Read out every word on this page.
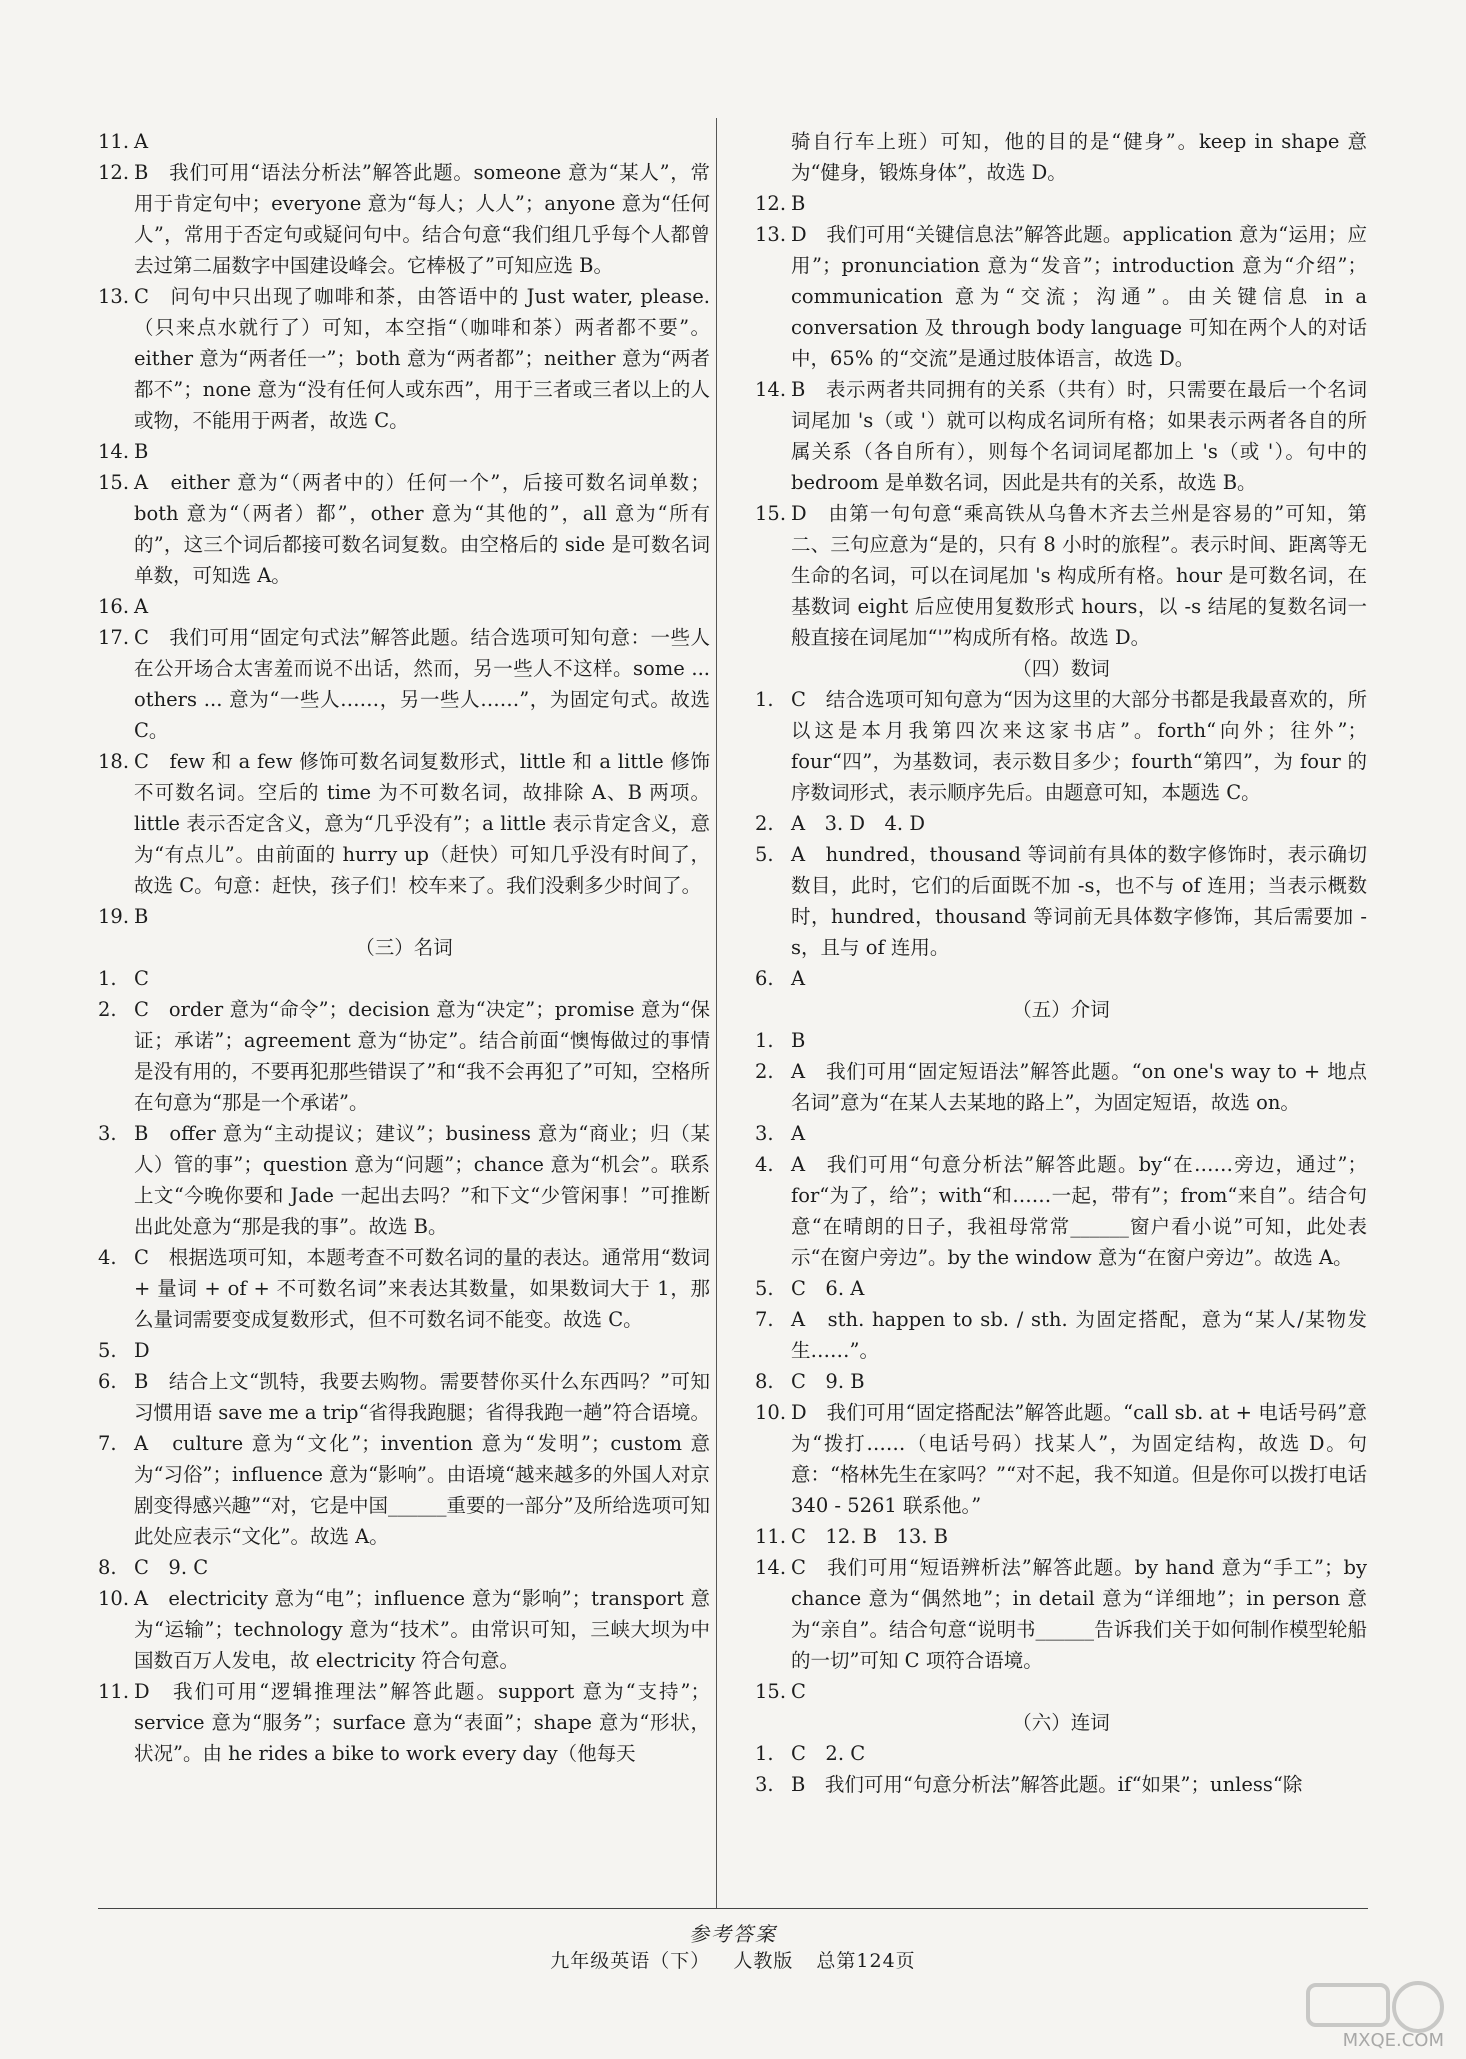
11. A

12. B　我们可用“语法分析法”解答此题。someone 意为“某人”，常用于肯定句中；everyone 意为“每人；人人”；anyone 意为“任何人”，常用于否定句或疑问句中。结合句意“我们组几乎每个人都曾去过第二届数字中国建设峰会。它棒极了”可知应选 B。

13. C　问句中只出现了咖啡和茶，由答语中的 Just water, please.（只来点水就行了）可知，本空指“（咖啡和茶）两者都不要”。either 意为“两者任一”；both 意为“两者都”；neither 意为“两者都不”；none 意为“没有任何人或东西”，用于三者或三者以上的人或物，不能用于两者，故选 C。

14. B

15. A　either 意为“（两者中的）任何一个”，后接可数名词单数；both 意为“（两者）都”，other 意为“其他的”，all 意为“所有的”，这三个词后都接可数名词复数。由空格后的 side 是可数名词单数，可知选 A。

16. A

17. C　我们可用“固定句式法”解答此题。结合选项可知句意：一些人在公开场合太害羞而说不出话，然而，另一些人不这样。some ... others ... 意为“一些人……，另一些人……”，为固定句式。故选 C。

18. C　few 和 a few 修饰可数名词复数形式，little 和 a little 修饰不可数名词。空后的 time 为不可数名词，故排除 A、B 两项。little 表示否定含义，意为“几乎没有”；a little 表示肯定含义，意为“有点儿”。由前面的 hurry up（赶快）可知几乎没有时间了，故选 C。句意：赶快，孩子们！校车来了。我们没剩多少时间了。

19. B

（三）名词

1. C

2. C　order 意为“命令”；decision 意为“决定”；promise 意为“保证；承诺”；agreement 意为“协定”。结合前面“懊悔做过的事情是没有用的，不要再犯那些错误了”和“我不会再犯了”可知，空格所在句意为“那是一个承诺”。

3. B　offer 意为“主动提议；建议”；business 意为“商业；归（某人）管的事”；question 意为“问题”；chance 意为“机会”。联系上文“今晚你要和 Jade 一起出去吗？”和下文“少管闲事！”可推断出此处意为“那是我的事”。故选 B。

4. C　根据选项可知，本题考查不可数名词的量的表达。通常用“数词 + 量词 + of + 不可数名词”来表达其数量，如果数词大于 1，那么量词需要变成复数形式，但不可数名词不能变。故选 C。

5. D

6. B　结合上文“凯特，我要去购物。需要替你买什么东西吗？”可知习惯用语 save me a trip“省得我跑腿；省得我跑一趟”符合语境。

7. A　culture 意为“文化”；invention 意为“发明”；custom 意为“习俗”；influence 意为“影响”。由语境“越来越多的外国人对京剧变得感兴趣”“对，它是中国______重要的一部分”及所给选项可知此处应表示“文化”。故选 A。

8. C　9. C

10. A　electricity 意为“电”；influence 意为“影响”；transport 意为“运输”；technology 意为“技术”。由常识可知，三峡大坝为中国数百万人发电，故 electricity 符合句意。

11. D　我们可用“逻辑推理法”解答此题。support 意为“支持”；service 意为“服务”；surface 意为“表面”；shape 意为“形状，状况”。由 he rides a bike to work every day（他每天

骑自行车上班）可知，他的目的是“健身”。keep in shape 意为“健身，锻炼身体”，故选 D。

12. B

13. D　我们可用“关键信息法”解答此题。application 意为“运用；应用”；pronunciation 意为“发音”；introduction 意为“介绍”；communication 意为“交流；沟通”。由关键信息 in a conversation 及 through body language 可知在两个人的对话中，65% 的“交流”是通过肢体语言，故选 D。

14. B　表示两者共同拥有的关系（共有）时，只需要在最后一个名词词尾加 's（或 '）就可以构成名词所有格；如果表示两者各自的所属关系（各自所有），则每个名词词尾都加上 's（或 '）。句中的 bedroom 是单数名词，因此是共有的关系，故选 B。

15. D　由第一句句意“乘高铁从乌鲁木齐去兰州是容易的”可知，第二、三句应意为“是的，只有 8 小时的旅程”。表示时间、距离等无生命的名词，可以在词尾加 's 构成所有格。hour 是可数名词，在基数词 eight 后应使用复数形式 hours，以 -s 结尾的复数名词一般直接在词尾加“'”构成所有格。故选 D。

（四）数词

1. C　结合选项可知句意为“因为这里的大部分书都是我最喜欢的，所以这是本月我第四次来这家书店”。forth“向外；往外”；four“四”，为基数词，表示数目多少；fourth“第四”，为 four 的序数词形式，表示顺序先后。由题意可知，本题选 C。

2. A　3. D　4. D

5. A　hundred，thousand 等词前有具体的数字修饰时，表示确切数目，此时，它们的后面既不加 -s，也不与 of 连用；当表示概数时，hundred，thousand 等词前无具体数字修饰，其后需要加 -s，且与 of 连用。

6. A

（五）介词

1. B

2. A　我们可用“固定短语法”解答此题。“on one's way to + 地点名词”意为“在某人去某地的路上”，为固定短语，故选 on。

3. A

4. A　我们可用“句意分析法”解答此题。by“在……旁边，通过”；for“为了，给”；with“和……一起，带有”；from“来自”。结合句意“在晴朗的日子，我祖母常常______窗户看小说”可知，此处表示“在窗户旁边”。by the window 意为“在窗户旁边”。故选 A。

5. C　6. A

7. A　sth. happen to sb. / sth. 为固定搭配，意为“某人/某物发生……”。

8. C　9. B

10. D　我们可用“固定搭配法”解答此题。“call sb. at + 电话号码”意为“拨打……（电话号码）找某人”，为固定结构，故选 D。句意：“格林先生在家吗？”“对不起，我不知道。但是你可以拨打电话 340 - 5261 联系他。”

11. C　12. B　13. B

14. C　我们可用“短语辨析法”解答此题。by hand 意为“手工”；by chance 意为“偶然地”；in detail 意为“详细地”；in person 意为“亲自”。结合句意“说明书______告诉我们关于如何制作模型轮船的一切”可知 C 项符合语境。

15. C

（六）连词

1. C　2. C

3. B　我们可用“句意分析法”解答此题。if“如果”；unless“除

参考答案
九年级英语（下） 人教版 总第124页
MXQE.COM
